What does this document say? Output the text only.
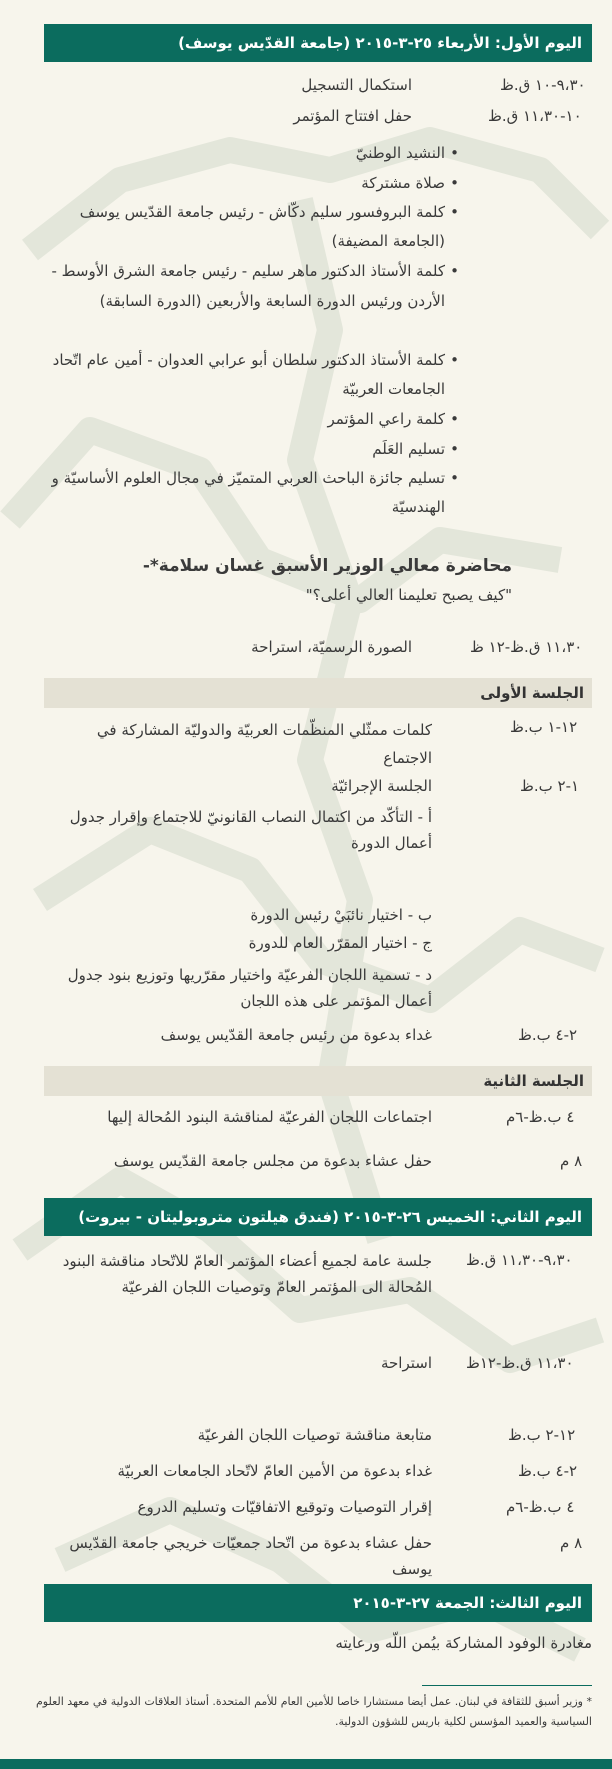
اليوم الأول: الأربعاء ٢٥-٣-٢٠١٥ (جامعة القدّيس يوسف)
٩،٣٠-١٠ ق.ظ
استكمال التسجيل
١٠-١١،٣٠ ق.ظ
حفل افتتاح المؤتمر
• النشيد الوطنيّ
• صلاة مشتركة
• كلمة البروفسور سليم دكّاش - رئيس جامعة القدّيس يوسف (الجامعة المضيفة)
• كلمة الأستاذ الدكتور ماهر سليم - رئيس جامعة الشرق الأوسط - الأردن ورئيس الدورة السابعة والأربعين (الدورة السابقة)
• كلمة الأستاذ الدكتور سلطان أبو عرابي العدوان - أمين عام اتّحاد الجامعات العربيّة
• كلمة راعي المؤتمر
• تسليم العَلَم
• تسليم جائزة الباحث العربي المتميّز في مجال العلوم الأساسيّة و الهندسيّة
محاضرة معالي الوزير الأسبق غسان سلامة*-
"كيف يصبح تعليمنا العالي أعلى؟"
١١،٣٠ ق.ظ-١٢ ظ
الصورة الرسميّة، استراحة
الجلسة الأولى
١٢-١ ب.ظ
كلمات ممثّلي المنظّمات العربيّة والدوليّة المشاركة في الاجتماع
١-٢ ب.ظ
الجلسة الإجرائيّة
أ - التأكّد من اكتمال النصاب القانونيّ للاجتماع وإقرار جدول أعمال الدورة
ب - اختيار نائبَيْ رئيس الدورة
ج - اختيار المقرّر العام للدورة
د - تسمية اللجان الفرعيّة واختيار مقرّريها وتوزيع بنود جدول أعمال المؤتمر على هذه اللجان
٢-٤ ب.ظ
غداء بدعوة من رئيس جامعة القدّيس يوسف
الجلسة الثانية
٤ ب.ظ-٦م
اجتماعات اللجان الفرعيّة لمناقشة البنود المُحالة إليها
٨ م
حفل عشاء بدعوة من مجلس جامعة القدّيس يوسف
اليوم الثاني: الخميس ٢٦-٣-٢٠١٥ (فندق هيلتون متروبوليتان - بيروت)
٩،٣٠-١١،٣٠ ق.ظ
جلسة عامة لجميع أعضاء المؤتمر العامّ للاتّحاد مناقشة البنود المُحالة الى المؤتمر العامّ وتوصيات اللجان الفرعيّة
١١،٣٠ ق.ظ-١٢ظ
استراحة
١٢-٢ ب.ظ
متابعة مناقشة توصيات اللجان الفرعيّة
٢-٤ ب.ظ
غداء بدعوة من الأمين العامّ لاتّحاد الجامعات العربيّة
٤ ب.ظ-٦م
إقرار التوصيات وتوقيع الاتفاقيّات وتسليم الدروع
٨ م
حفل عشاء بدعوة من اتّحاد جمعيّات خريجي جامعة القدّيس يوسف
اليوم الثالث: الجمعة ٢٧-٣-٢٠١٥
مغادرة الوفود المشاركة بيُمن اللّه ورعايته
* وزير أسبق للثقافة في لبنان. عمل أيضا مستشارا خاصا للأمين العام للأمم المتحدة. أستاذ العلاقات الدولية في معهد العلوم السياسية والعميد المؤسس لكلية باريس للشؤون الدولية.
